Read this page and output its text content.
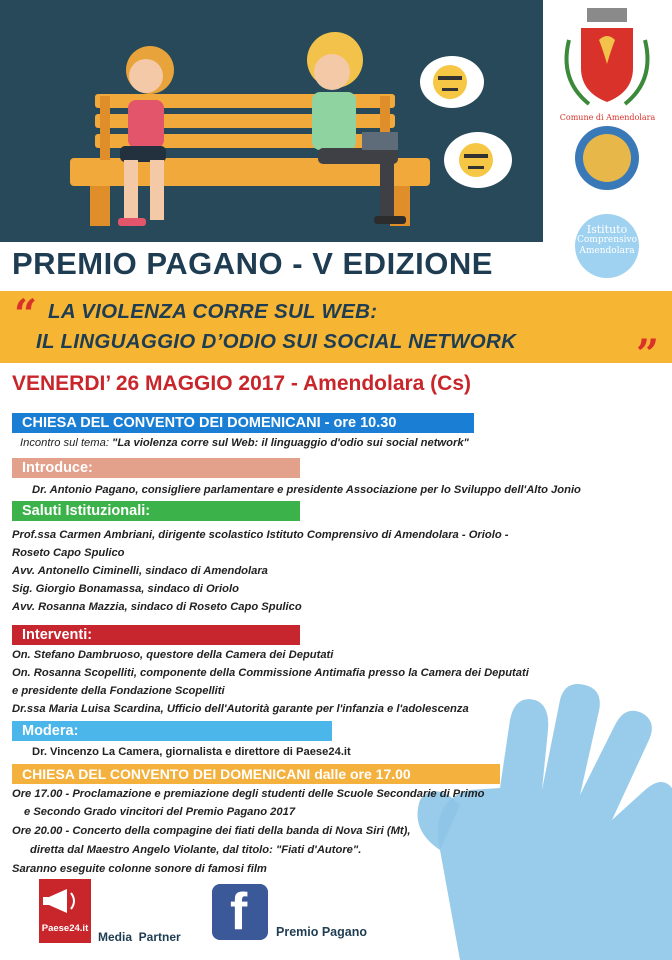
Comune di Amendolara
Istituto
Comprensivo
Amendolara
PREMIO PAGANO - V EDIZIONE
“ LA VIOLENZA CORRE SUL WEB:
IL LINGUAGGIO D’ODIO SUI SOCIAL NETWORK	”
VENERDI’ 26 MAGGIO 2017 - Amendolara (Cs)
CHIESA DEL CONVENTO DEI DOMENICANI - ore 10.30
Incontro sul tema: "La violenza corre sul Web: il linguaggio d'odio sui social network"
Introduce:
Dr. Antonio Pagano, consigliere parlamentare e presidente Associazione per lo Sviluppo dell'Alto Jonio
Saluti Istituzionali:
Prof.ssa Carmen Ambriani, dirigente scolastico Istituto Comprensivo di Amendolara - Oriolo -
Roseto Capo Spulico
Avv. Antonello Ciminelli, sindaco di Amendolara
Sig. Giorgio Bonamassa, sindaco di Oriolo
Avv. Rosanna Mazzia, sindaco di Roseto Capo Spulico
Interventi:
On. Stefano Dambruoso, questore della Camera dei Deputati
On. Rosanna Scopelliti, componente della Commissione Antimafia presso la Camera dei Deputati
e presidente della Fondazione Scopelliti
Dr.ssa Maria Luisa Scardina, Ufficio dell'Autorità garante per l'infanzia e l'adolescenza
Modera:
Dr. Vincenzo La Camera, giornalista e direttore di Paese24.it
CHIESA DEL CONVENTO DEI DOMENICANI dalle ore 17.00
Ore 17.00 - Proclamazione e premiazione degli studenti delle Scuole Secondarie di Primo
e Secondo Grado vincitori del Premio Pagano 2017
Ore 20.00 - Concerto della compagine dei fiati della banda di Nova Siri (Mt),
diretta dal Maestro Angelo Violante, dal titolo: "Fiati d'Autore".
Saranno eseguite colonne sonore di famosi film
Paese24.it
Media  Partner f Premio Pagano
